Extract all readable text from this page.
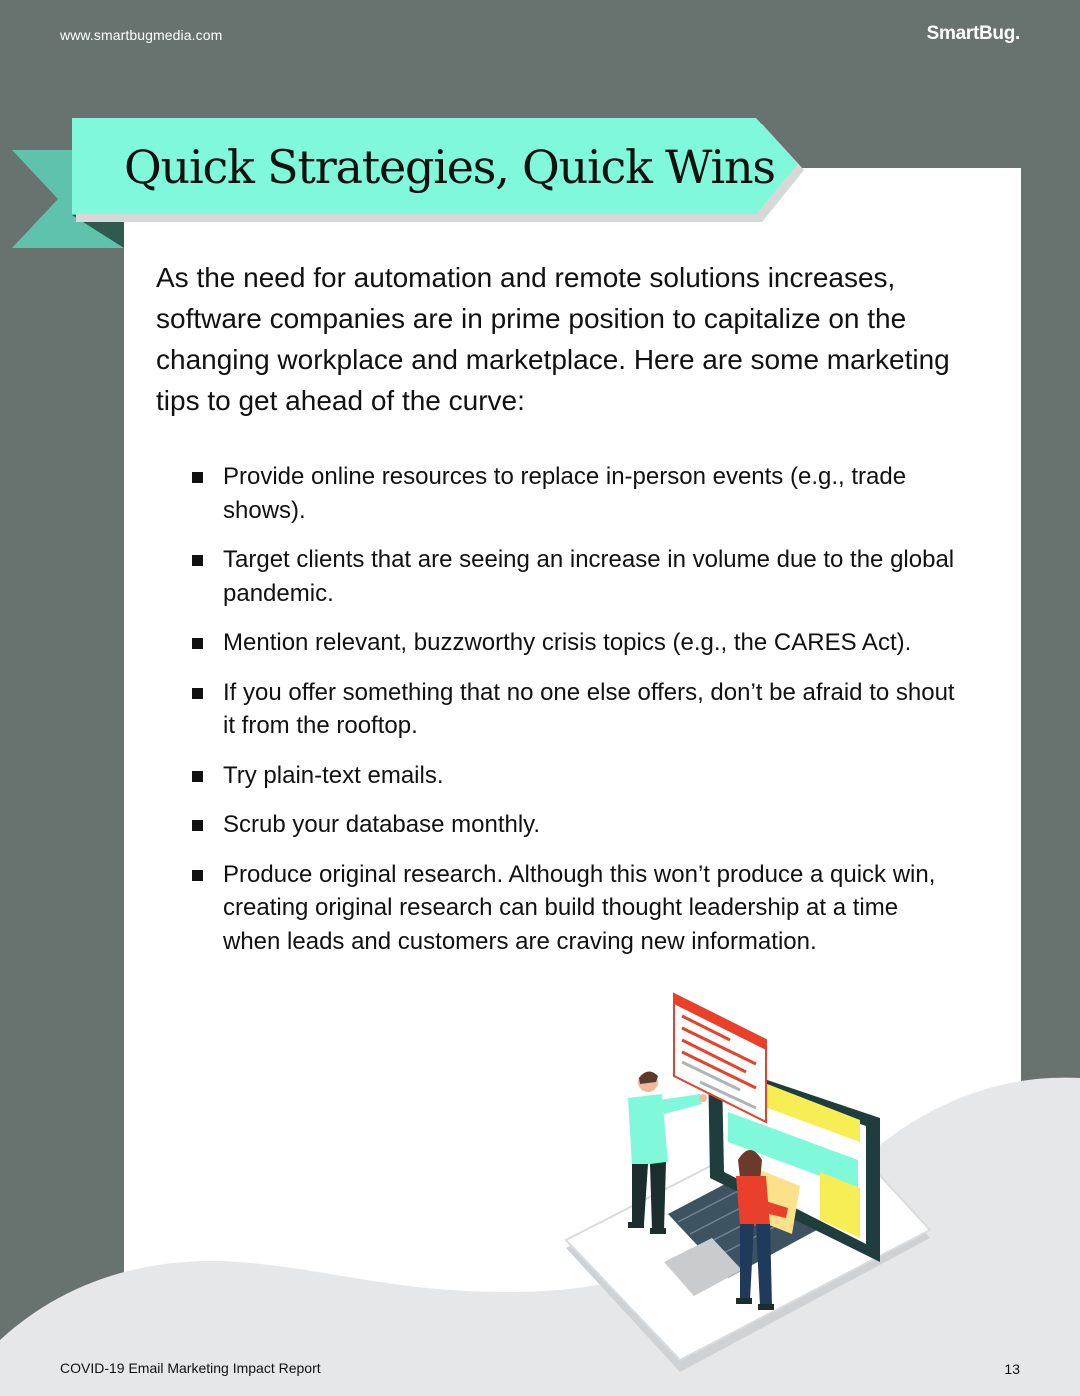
www.smartbugmedia.com	SmartBug.
Quick Strategies, Quick Wins

As the need for automation and remote solutions increases, software companies are in prime position to capitalize on the changing workplace and marketplace. Here are some marketing tips to get ahead of the curve:

Provide online resources to replace in-person events (e.g., trade shows).
Target clients that are seeing an increase in volume due to the global pandemic.
Mention relevant, buzzworthy crisis topics (e.g., the CARES Act).
If you offer something that no one else offers, don’t be afraid to shout it from the rooftop.
Try plain-text emails.
Scrub your database monthly.
Produce original research. Although this won’t produce a quick win, creating original research can build thought leadership at a time when leads and customers are craving new information.
COVID-19 Email Marketing Impact Report	13
